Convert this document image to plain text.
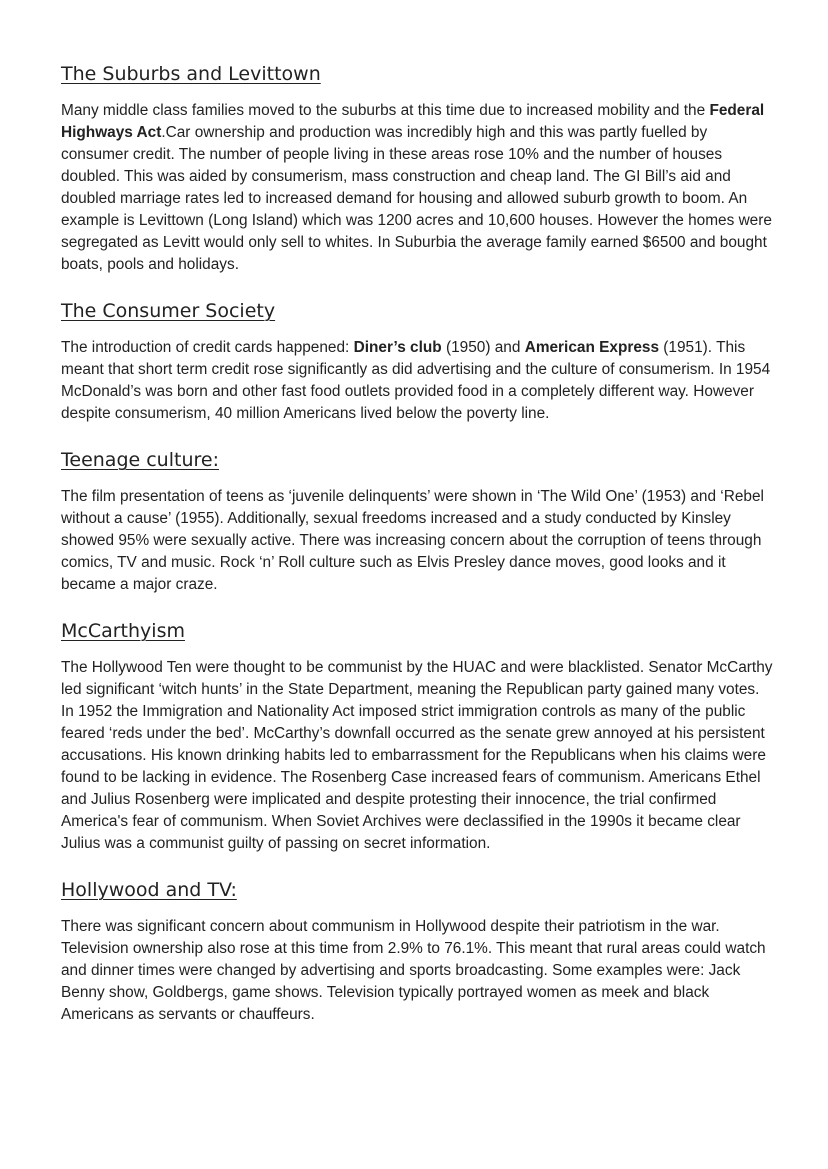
The Suburbs and Levittown

Many middle class families moved to the suburbs at this time due to increased mobility and the Federal Highways Act.Car ownership and production was incredibly high and this was partly fuelled by consumer credit. The number of people living in these areas rose 10% and the number of houses doubled. This was aided by consumerism, mass construction and cheap land. The GI Bill’s aid and doubled marriage rates led to increased demand for housing and allowed suburb growth to boom. An example is Levittown (Long Island) which was 1200 acres and 10,600 houses. However the homes were segregated as Levitt would only sell to whites. In Suburbia the average family earned $6500 and bought boats, pools and holidays.

The Consumer Society

The introduction of credit cards happened: Diner’s club (1950) and American Express (1951). This meant that short term credit rose significantly as did advertising and the culture of consumerism. In 1954 McDonald’s was born and other fast food outlets provided food in a completely different way. However despite consumerism, 40 million Americans lived below the poverty line.

Teenage culture:

The film presentation of teens as ‘juvenile delinquents’ were shown in ‘The Wild One’ (1953) and ‘Rebel without a cause’ (1955). Additionally, sexual freedoms increased and a study conducted by Kinsley showed 95% were sexually active. There was increasing concern about the corruption of teens through comics, TV and music. Rock ‘n’ Roll culture such as Elvis Presley dance moves, good looks and it became a major craze.

McCarthyism

The Hollywood Ten were thought to be communist by the HUAC and were blacklisted. Senator McCarthy led significant ‘witch hunts’ in the State Department, meaning the Republican party gained many votes. In 1952 the Immigration and Nationality Act imposed strict immigration controls as many of the public feared ‘reds under the bed’. McCarthy’s downfall occurred as the senate grew annoyed at his persistent accusations. His known drinking habits led to embarrassment for the Republicans when his claims were found to be lacking in evidence. The Rosenberg Case increased fears of communism. Americans Ethel and Julius Rosenberg were implicated and despite protesting their innocence, the trial confirmed America's fear of communism. When Soviet Archives were declassified in the 1990s it became clear Julius was a communist guilty of passing on secret information.

Hollywood and TV:

There was significant concern about communism in Hollywood despite their patriotism in the war. Television ownership also rose at this time from 2.9% to 76.1%. This meant that rural areas could watch and dinner times were changed by advertising and sports broadcasting. Some examples were: Jack Benny show, Goldbergs, game shows. Television typically portrayed women as meek and black Americans as servants or chauffeurs.
